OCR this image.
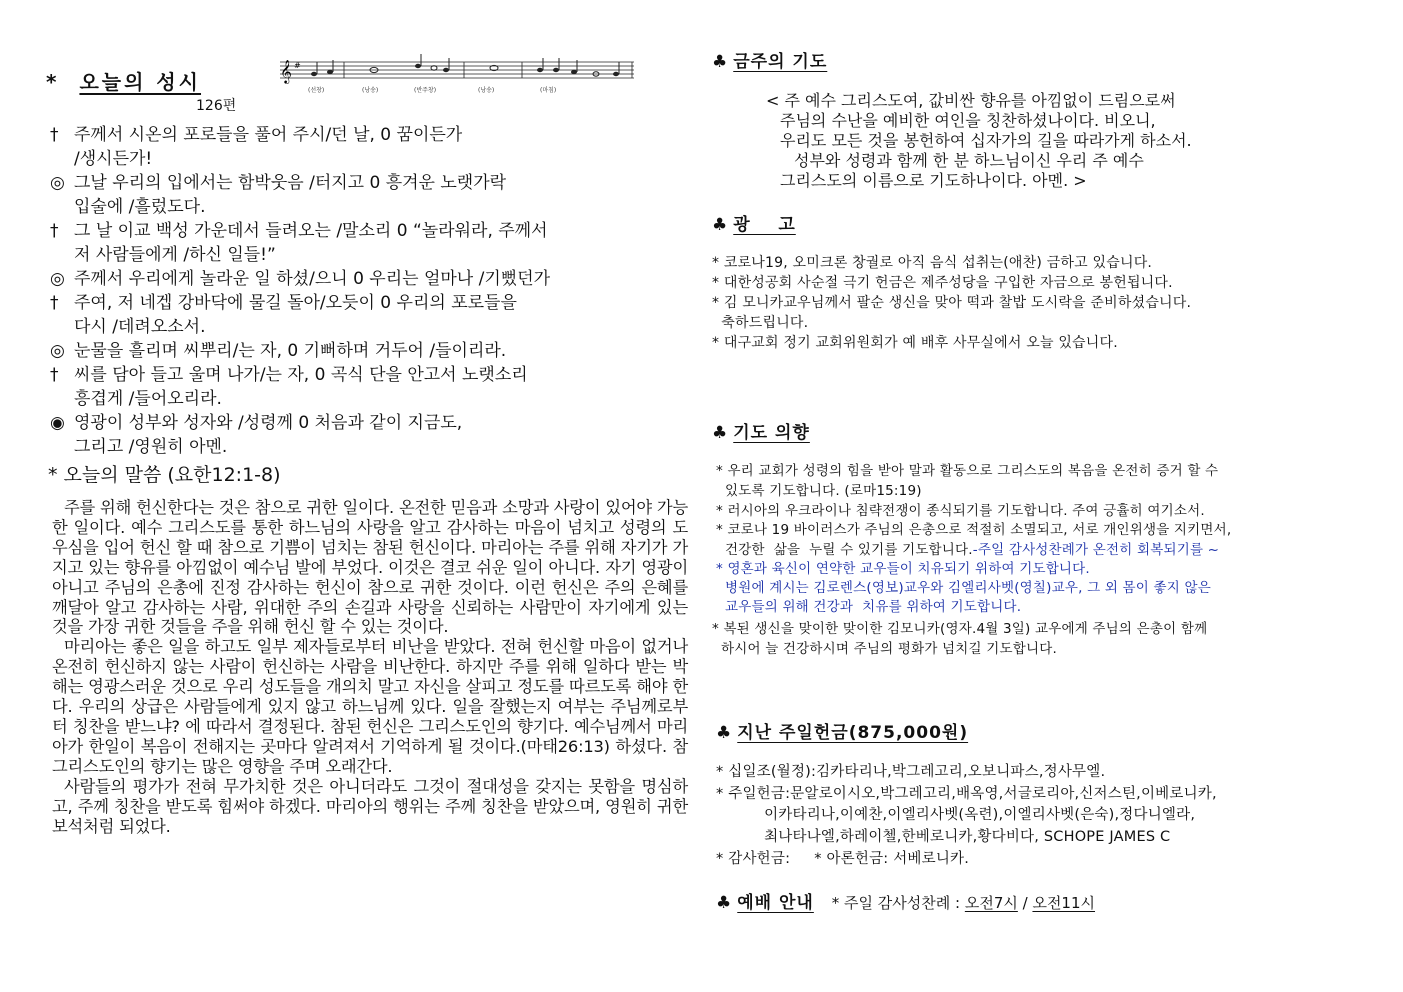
* 오늘의 성시
126편
𝄞 #
(선창)	(낭송)	(반주창)	(낭송)	(마침)
† 주께서 시온의 포로들을 풀어 주시/던 날, 0 꿈이든가
/생시든가!
◎ 그날 우리의 입에서는 함박웃음 /터지고 0 흥겨운 노랫가락
입술에 /흘렀도다.
† 그 날 이교 백성 가운데서 들려오는 /말소리 0 “놀라워라, 주께서
저 사람들에게 /하신 일들!”
◎ 주께서 우리에게 놀라운 일 하셨/으니 0 우리는 얼마나 /기뻤던가
† 주여, 저 네겝 강바닥에 물길 돌아/오듯이 0 우리의 포로들을
다시 /데려오소서.
◎ 눈물을 흘리며 씨뿌리/는 자, 0 기뻐하며 거두어 /들이리라.
† 씨를 담아 들고 울며 나가/는 자, 0 곡식 단을 안고서 노랫소리
흥겹게 /들어오리라.
◉ 영광이 성부와 성자와 /성령께 0 처음과 같이 지금도,
그리고 /영원히 아멘.
* 오늘의 말씀 (요한12:1-8)

주를 위해 헌신한다는 것은 참으로 귀한 일이다. 온전한 믿음과 소망과 사랑이 있어야 가능한 일이다. 예수 그리스도를 통한 하느님의 사랑을 알고 감사하는 마음이 넘치고 성령의 도우심을 입어 헌신 할 때 참으로 기쁨이 넘치는 참된 헌신이다. 마리아는 주를 위해 자기가 가지고 있는 향유를 아낌없이 예수님 발에 부었다. 이것은 결코 쉬운 일이 아니다. 자기 영광이 아니고 주님의 은총에 진정 감사하는 헌신이 참으로 귀한 것이다. 이런 헌신은 주의 은혜를 깨달아 알고 감사하는 사람, 위대한 주의 손길과 사랑을 신뢰하는 사람만이 자기에게 있는 것을 가장 귀한 것들을 주을 위해 헌신 할 수 있는 것이다.

마리아는 좋은 일을 하고도 일부 제자들로부터 비난을 받았다. 전혀 헌신할 마음이 없거나 온전히 헌신하지 않는 사람이 헌신하는 사람을 비난한다. 하지만 주를 위해 일하다 받는 박해는 영광스러운 것으로 우리 성도들을 개의치 말고 자신을 살피고 정도를 따르도록 해야 한다. 우리의 상급은 사람들에게 있지 않고 하느님께 있다. 일을 잘했는지 여부는 주님께로부터 칭찬을 받느냐? 에 따라서 결정된다. 참된 헌신은 그리스도인의 향기다. 예수님께서 마리아가 한일이 복음이 전해지는 곳마다 알려져서 기억하게 될 것이다.(마태26:13) 하셨다. 참 그리스도인의 향기는 많은 영향을 주며 오래간다.

사람들의 평가가 전혀 무가치한 것은 아니더라도 그것이 절대성을 갖지는 못함을 명심하고, 주께 칭찬을 받도록 힘써야 하겠다. 마리아의 행위는 주께 칭찬을 받았으며, 영원히 귀한 보석처럼 되었다.

♣ 금주의 기도
< 주 예수 그리스도여, 값비싼 향유를 아낌없이 드림으로써
주님의 수난을 예비한 여인을 칭찬하셨나이다. 비오니,
우리도 모든 것을 봉헌하여 십자가의 길을 따라가게 하소서.
성부와 성령과 함께 한 분 하느님이신 우리 주 예수
그리스도의 이름으로 기도하나이다. 아멘. >
♣ 광    고
* 코로나19, 오미크론 창궐로 아직 음식 섭취는(애찬) 금하고 있습니다.
* 대한성공회 사순절 극기 헌금은 제주성당을 구입한 자금으로 봉헌됩니다.
* 김 모니카교우님께서 팔순 생신을 맞아 떡과 찰밥 도시락을 준비하셨습니다.
축하드립니다.
* 대구교회 정기 교회위원회가 예 배후 사무실에서 오늘 있습니다.
♣ 기도 의향
* 우리 교회가 성령의 힘을 받아 말과 활동으로 그리스도의 복음을 온전히 증거 할 수
있도록 기도합니다. (로마15:19)
* 러시아의 우크라이나 침략전쟁이 종식되기를 기도합니다. 주여 긍휼히 여기소서.
* 코로나 19 바이러스가 주님의 은총으로 적절히 소멸되고, 서로 개인위생을 지키면서,
건강한  삶을  누릴 수 있기를 기도합니다.-주일 감사성찬례가 온전히 회복되기를 ~
* 영혼과 육신이 연약한 교우들이 치유되기 위하여 기도합니다.
병원에 계시는 김로렌스(영보)교우와 김엘리사벳(영칠)교우, 그 외 몸이 좋지 않은
교우들의 위해 건강과  치유를 위하여 기도합니다.
* 복된 생신을 맞이한 맞이한 김모니카(영자.4월 3일) 교우에게 주님의 은총이 함께
하시어 늘 건강하시며 주님의 평화가 넘치길 기도합니다.
♣ 지난 주일헌금(875,000원)
* 십일조(월정):김카타리나,박그레고리,오보니파스,정사무엘.
* 주일헌금:문알로이시오,박그레고리,배옥영,서글로리아,신저스틴,이베로니카,
이카타리나,이예찬,이엘리사벳(옥련),이엘리사벳(은숙),정다니엘라,
최나타나엘,하레이첼,한베로니카,황다비다, SCHOPE JAMES C
* 감사헌금:     * 아론헌금: 서베로니카.
♣ 예배 안내 * 주일 감사성찬례 : 오전7시 / 오전11시
